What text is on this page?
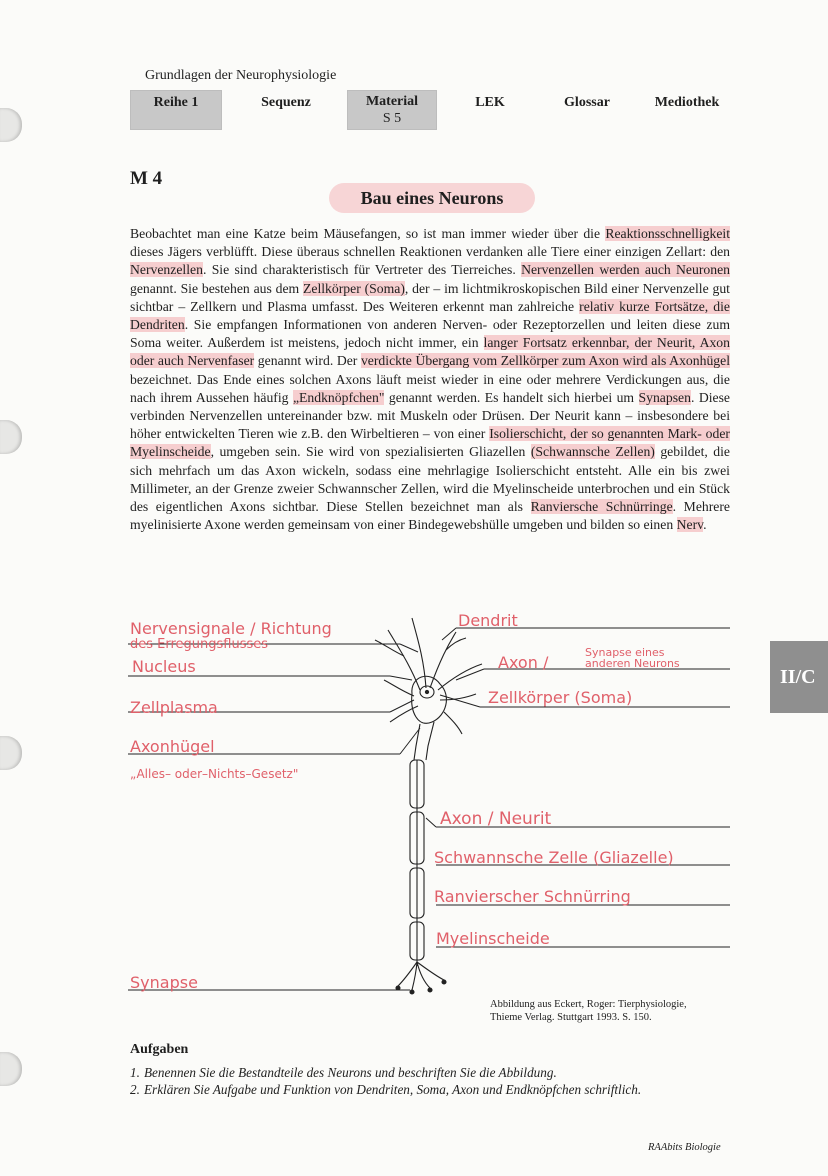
Grundlagen der Neurophysiologie
Reihe 1	Sequenz	Material
S 5
LEK	Glossar	Mediothek
M 4
Bau eines Neurons
Beobachtet man eine Katze beim Mäusefangen, so ist man immer wieder über die Reaktionsschnelligkeit dieses Jägers verblüfft. Diese überaus schnellen Reaktionen verdanken alle Tiere einer einzigen Zellart: den Nervenzellen. Sie sind charakteristisch für Vertreter des Tierreiches. Nervenzellen werden auch Neuronen genannt. Sie bestehen aus dem Zellkörper (Soma), der – im lichtmikroskopischen Bild einer Nervenzelle gut sichtbar – Zellkern und Plasma umfasst. Des Weiteren erkennt man zahlreiche relativ kurze Fortsätze, die Dendriten. Sie empfangen Informationen von anderen Nerven- oder Rezeptorzellen und leiten diese zum Soma weiter. Außerdem ist meistens, jedoch nicht immer, ein langer Fortsatz erkennbar, der Neurit, Axon oder auch Nervenfaser genannt wird. Der verdickte Übergang vom Zellkörper zum Axon wird als Axonhügel bezeichnet. Das Ende eines solchen Axons läuft meist wieder in eine oder mehrere Verdickungen aus, die nach ihrem Aussehen häufig „Endknöpfchen" genannt werden. Es handelt sich hierbei um Synapsen. Diese verbinden Nervenzellen untereinander bzw. mit Muskeln oder Drüsen. Der Neurit kann – insbesondere bei höher entwickelten Tieren wie z.B. den Wirbeltieren – von einer Isolierschicht, der so genannten Mark- oder Myelinscheide, umgeben sein. Sie wird von spezialisierten Gliazellen (Schwannsche Zellen) gebildet, die sich mehrfach um das Axon wickeln, sodass eine mehrlagige Isolierschicht entsteht. Alle ein bis zwei Millimeter, an der Grenze zweier Schwannscher Zellen, wird die Myelinscheide unterbrochen und ein Stück des eigentlichen Axons sichtbar. Diese Stellen bezeichnet man als Ranviersche Schnürringe. Mehrere myelinisierte Axone werden gemeinsam von einer Bindegewebshülle umgeben und bilden so einen Nerv.
II/C
Nervensignale / Richtung
des Erregungsflusses
Nucleus
Zellplasma
Axonhügel
„Alles– oder–Nichts–Gesetz"
Synapse
Dendrit
Axon /
Synapse eines
anderen Neurons
Zellkörper (Soma)
Axon / Neurit
Schwannsche Zelle (Gliazelle)
Ranvierscher Schnürring
Myelinscheide
Abbildung aus Eckert, Roger: Tierphysiologie,
Thieme Verlag. Stuttgart 1993. S. 150.
Aufgaben
1. Benennen Sie die Bestandteile des Neurons und beschriften Sie die Abbildung.
2. Erklären Sie Aufgabe und Funktion von Dendriten, Soma, Axon und Endknöpfchen schriftlich.
RAAbits Biologie
